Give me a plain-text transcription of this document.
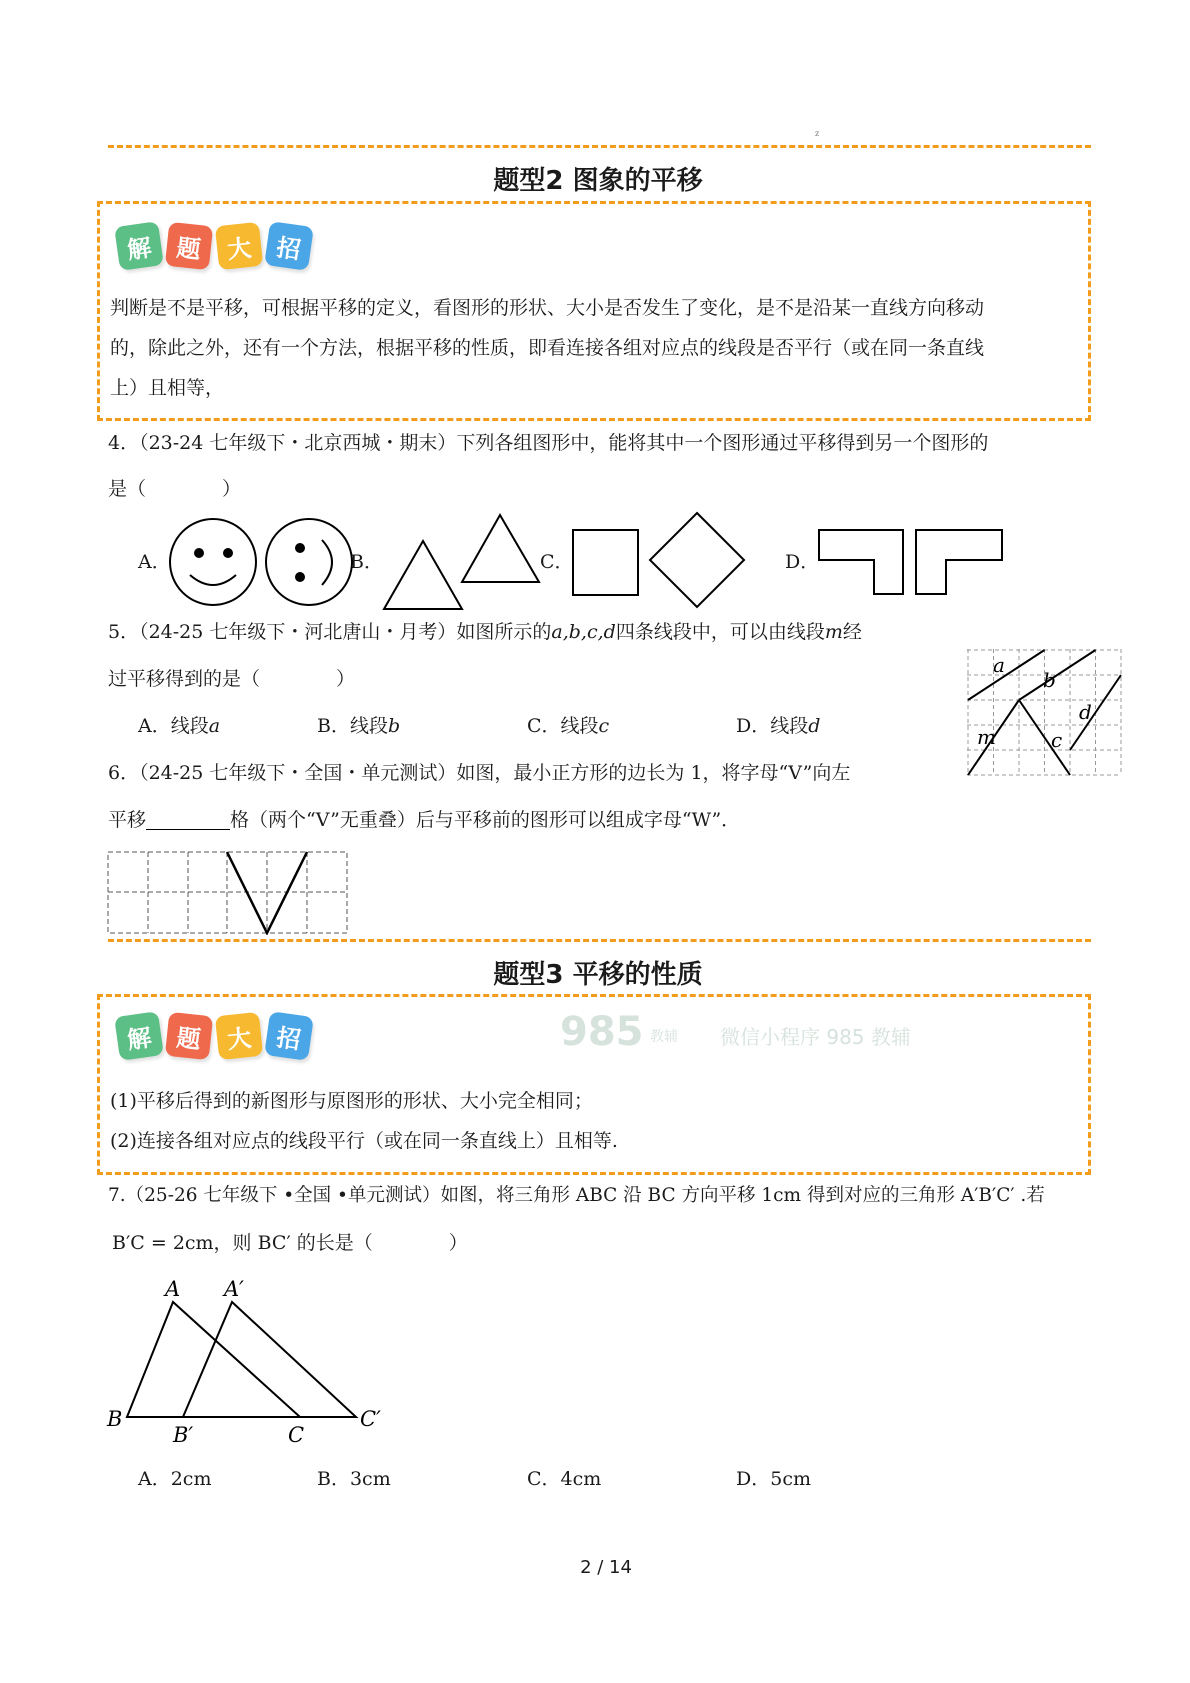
z
题型2 图象的平移
解 题 大 招
判断是不是平移，可根据平移的定义，看图形的形状、大小是否发生了变化，是不是沿某一直线方向移动
的，除此之外，还有一个方法，根据平移的性质，即看连接各组对应点的线段是否平行（或在同一条直线
上）且相等，
4．（23-24 七年级下・北京西城・期末）下列各组图形中，能将其中一个图形通过平移得到另一个图形的
是（　　　　）
A．	B．	C．	D．
5．（24-25 七年级下・河北唐山・月考）如图所示的a,b,c,d四条线段中，可以由线段m经
过平移得到的是（　　　　）
A．线段a	B．线段b	C．线段c	D．线段d
a
b
m	c
d
6．（24-25 七年级下・全国・单元测试）如图，最小正方形的边长为 1，将字母“V”向左
平移	格（两个“V”无重叠）后与平移前的图形可以组成字母“W”．
题型3 平移的性质
解 题 大 招
(1)平移后得到的新图形与原图形的形状、大小完全相同；
(2)连接各组对应点的线段平行（或在同一条直线上）且相等.
985 教辅 微信小程序 985 教辅
7.（25-26 七年级下 •全国 •单元测试）如图，将三角形 ABC 沿 BC 方向平移 1cm 得到对应的三角形 A′B′C′ .若
B′C = 2cm，则 BC′ 的长是（　　　　）
A A′
B
B′	C
C′
A．2cm	B．3cm	C．4cm	D．5cm
2 / 14
